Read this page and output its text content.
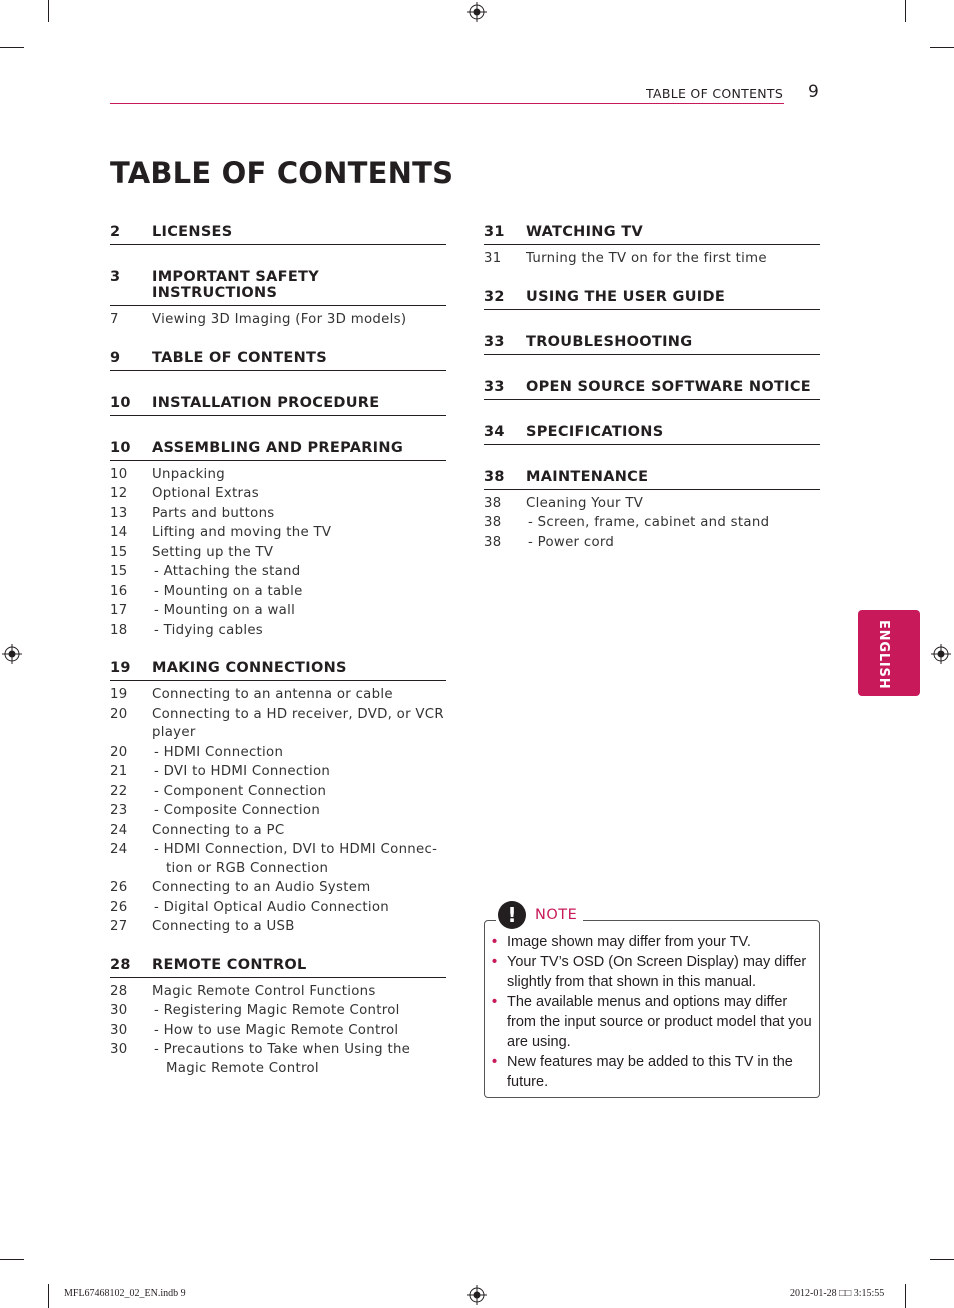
TABLE OF CONTENTS 9
TABLE OF CONTENTS
2	LICENSES
3	IMPORTANT SAFETY INSTRUCTIONS
7	Viewing 3D Imaging (For 3D models)
9	TABLE OF CONTENTS
10	INSTALLATION PROCEDURE
10	ASSEMBLING AND PREPARING
10	Unpacking
12	Optional Extras
13	Parts and buttons
14	Lifting and moving the TV
15	Setting up the TV
15	- Attaching the stand
16	- Mounting on a table
17	- Mounting on a wall
18	- Tidying cables
19	MAKING CONNECTIONS
19	Connecting to an antenna or cable
20	Connecting to a HD receiver, DVD, or VCR player
20	- HDMI Connection
21	- DVI to HDMI Connection
22	- Component Connection
23	- Composite Connection
24	Connecting to a PC
24	- HDMI Connection, DVI to HDMI Connec- tion or RGB Connection
26	Connecting to an Audio System
26	- Digital Optical Audio Connection
27	Connecting to a USB
28	REMOTE CONTROL
28	Magic Remote Control Functions
30	- Registering Magic Remote Control
30	- How to use Magic Remote Control
30	- Precautions to Take when Using the Magic Remote Control
31	WATCHING TV
31	Turning the TV on for the first time
32	USING THE USER GUIDE
33	TROUBLESHOOTING
33	OPEN SOURCE SOFTWARE NOTICE
34	SPECIFICATIONS
38	MAINTENANCE
38	Cleaning Your TV
38	- Screen, frame, cabinet and stand
38	- Power cord
ENGLISH
!	NOTE
• Image shown may differ from your TV.
• Your TV’s OSD (On Screen Display) may differ slightly from that shown in this manual.
• The available menus and options may differ from the input source or product model that you are using.
• New features may be added to this TV in the future.
MFL67468102_02_EN.indb 9	2012-01-28 □□ 3:15:55
